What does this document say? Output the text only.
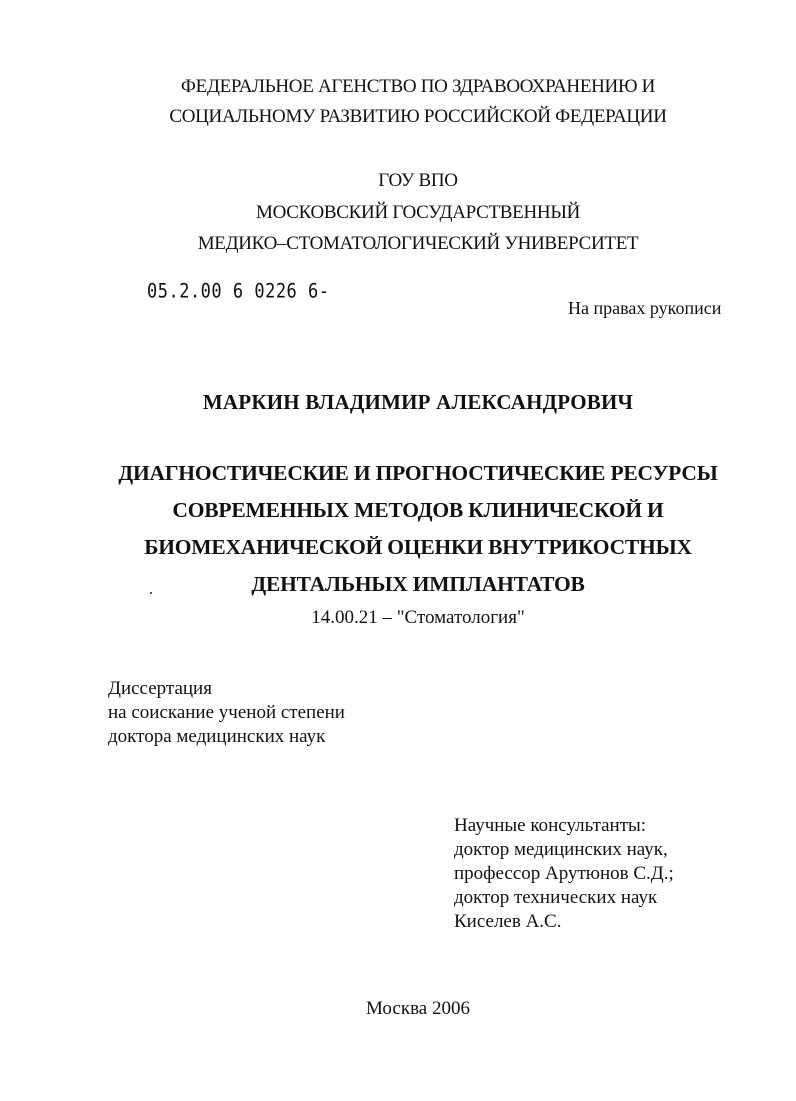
ФЕДЕРАЛЬНОЕ АГЕНСТВО ПО ЗДРАВООХРАНЕНИЮ И
СОЦИАЛЬНОМУ РАЗВИТИЮ РОССИЙСКОЙ ФЕДЕРАЦИИ
ГОУ ВПО
МОСКОВСКИЙ ГОСУДАРСТВЕННЫЙ
МЕДИКО–СТОМАТОЛОГИЧЕСКИЙ УНИВЕРСИТЕТ
05.2.00 6 0226 6-
На правах рукописи
МАРКИН ВЛАДИМИР АЛЕКСАНДРОВИЧ
ДИАГНОСТИЧЕСКИЕ И ПРОГНОСТИЧЕСКИЕ РЕСУРСЫ
СОВРЕМЕННЫХ МЕТОДОВ КЛИНИЧЕСКОЙ И
БИОМЕХАНИЧЕСКОЙ ОЦЕНКИ ВНУТРИКОСТНЫХ
ДЕНТАЛЬНЫХ ИМПЛАНТАТОВ
14.00.21 – "Стоматология"
Диссертация
на соискание ученой степени
доктора медицинских наук
Научные консультанты:
доктор медицинских наук,
профессор Арутюнов С.Д.;
доктор технических наук
Киселев А.С.
Москва 2006
